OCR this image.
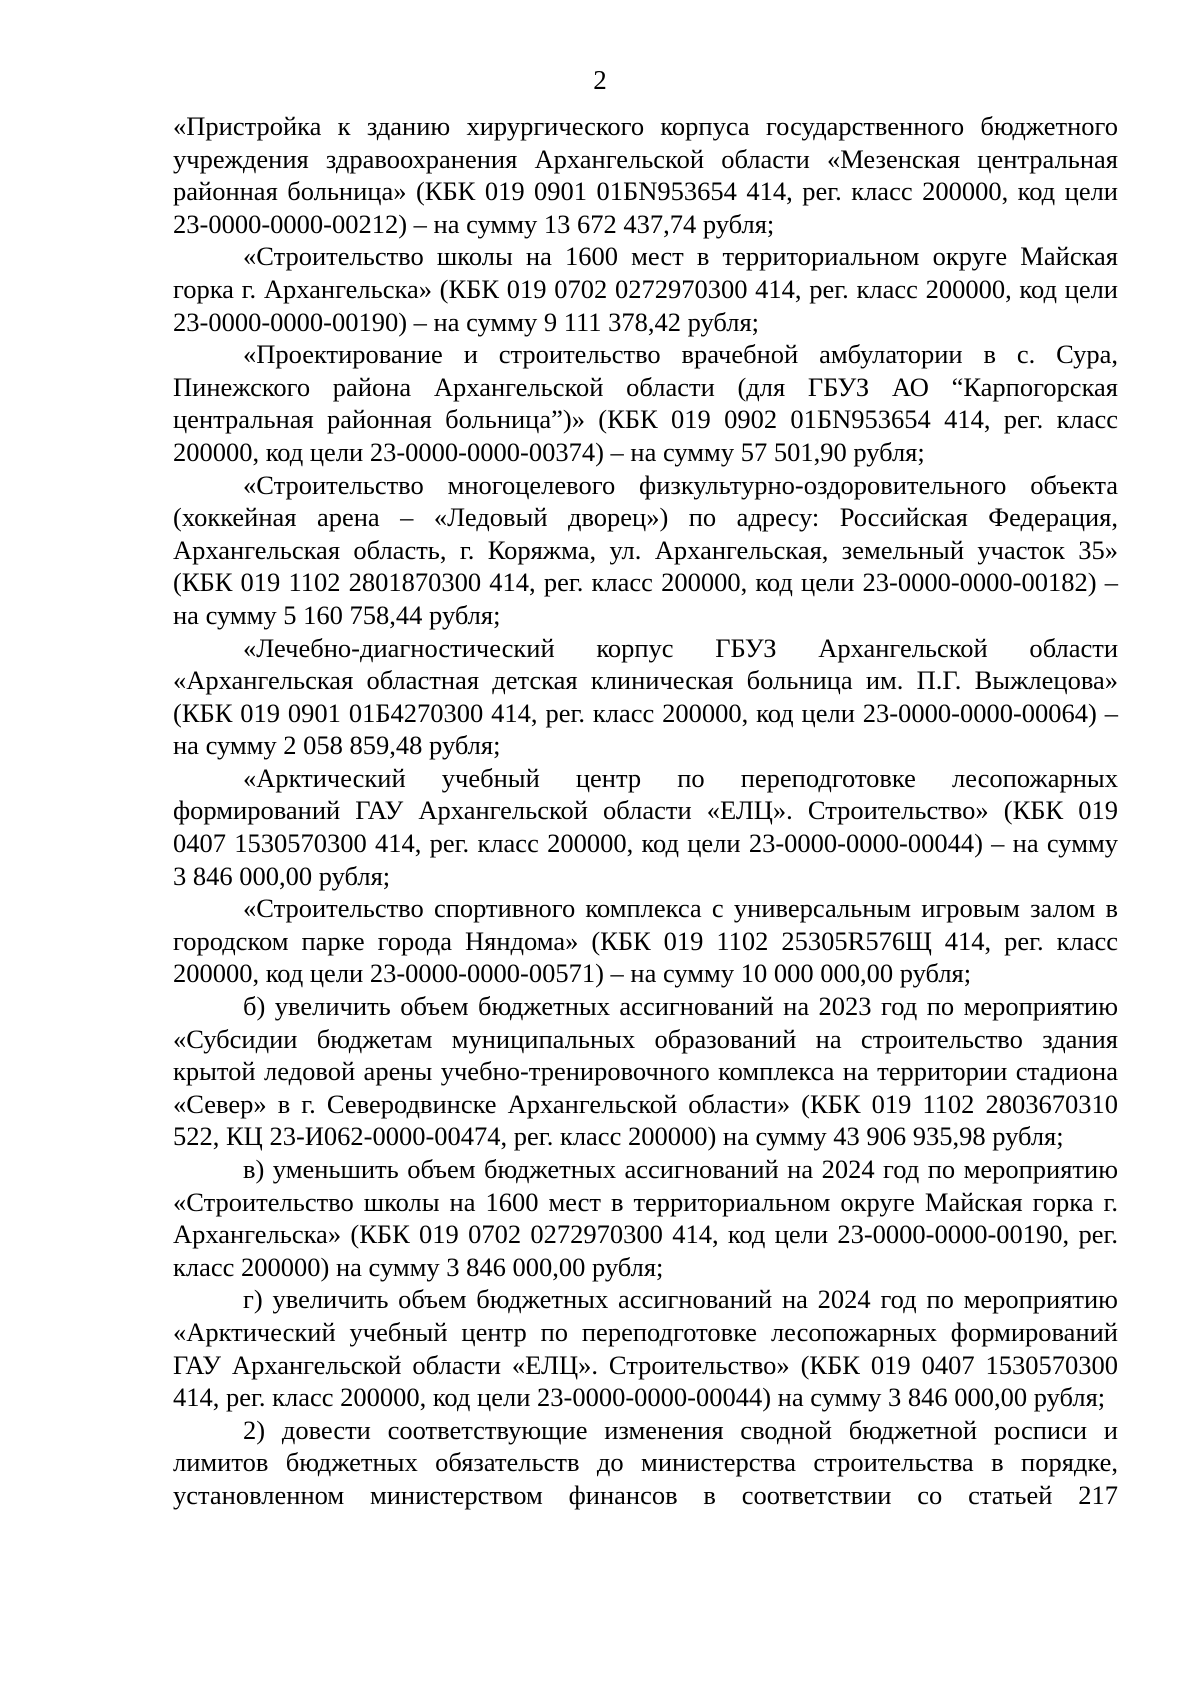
2

«Пристройка к зданию хирургического корпуса государственного бюджетного учреждения здравоохранения Архангельской области «Мезенская центральная районная больница» (КБК 019 0901 01БN953654 414, рег. класс 200000, код цели 23-0000-0000-00212) – на сумму 13 672 437,74 рубля;

«Строительство школы на 1600 мест в территориальном округе Майская горка г. Архангельска» (КБК 019 0702 0272970300 414, рег. класс 200000, код цели 23-0000-0000-00190) – на сумму 9 111 378,42 рубля;

«Проектирование и строительство врачебной амбулатории в с. Сура, Пинежского района Архангельской области (для ГБУЗ АО “Карпогорская центральная районная больница”)» (КБК 019 0902 01БN953654 414, рег. класс 200000, код цели 23-0000-0000-00374) – на сумму 57 501,90 рубля;

«Строительство многоцелевого физкультурно-оздоровительного объекта (хоккейная арена – «Ледовый дворец») по адресу: Российская Федерация, Архангельская область, г. Коряжма, ул. Архангельская, земельный участок 35» (КБК 019 1102 2801870300 414, рег. класс 200000, код цели 23-0000-0000-00182) – на сумму 5 160 758,44 рубля;

«Лечебно-диагностический корпус ГБУЗ Архангельской области «Архангельская областная детская клиническая больница им. П.Г. Выжлецова» (КБК 019 0901 01Б4270300 414, рег. класс 200000, код цели 23-0000-0000-00064) – на сумму 2 058 859,48 рубля;

«Арктический учебный центр по переподготовке лесопожарных формирований ГАУ Архангельской области «ЕЛЦ». Строительство» (КБК 019 0407 1530570300 414, рег. класс 200000, код цели 23-0000-0000-00044) – на сумму 3 846 000,00 рубля;

«Строительство спортивного комплекса с универсальным игровым залом в городском парке города Няндома» (КБК 019 1102 25305R576Щ 414, рег. класс 200000, код цели 23-0000-0000-00571) – на сумму 10 000 000,00 рубля;

б) увеличить объем бюджетных ассигнований на 2023 год по мероприятию «Субсидии бюджетам муниципальных образований на строительство здания крытой ледовой арены учебно-тренировочного комплекса на территории стадиона «Север» в г. Северодвинске Архангельской области» (КБК 019 1102 2803670310 522, КЦ 23-И062-0000-00474, рег. класс 200000) на сумму 43 906 935,98 рубля;

в) уменьшить объем бюджетных ассигнований на 2024 год по мероприятию «Строительство школы на 1600 мест в территориальном округе Майская горка г. Архангельска» (КБК 019 0702 0272970300 414, код цели 23-0000-0000-00190, рег. класс 200000) на сумму 3 846 000,00 рубля;

г) увеличить объем бюджетных ассигнований на 2024 год по мероприятию «Арктический учебный центр по переподготовке лесопожарных формирований ГАУ Архангельской области «ЕЛЦ». Строительство» (КБК 019 0407 1530570300 414, рег. класс 200000, код цели 23-0000-0000-00044) на сумму 3 846 000,00 рубля;

2) довести соответствующие изменения сводной бюджетной росписи и лимитов бюджетных обязательств до министерства строительства в порядке, установленном министерством финансов в соответствии со статьей 217
